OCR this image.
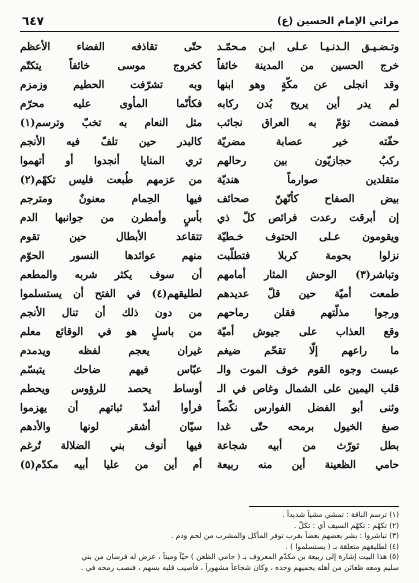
٦٤٧	مراثي الإمام الحسين (ع)
حتّى تقاذفه الفضاء الأعظم
كخروج موسى خائفاً يتكتّم
وبه تشرّفت الحطيم وزمزم
فكأنّما المأوى عليه محرّم
مثل النعام به تخبّ وترسم(١)
كالبدر حين تلفّ فيه الأنجم
تري المنايا أنجدوا أو أتهموا
من عزمهم طُبعت فليس تكهّم(٢)
فيها الحِمام معنونٌ ومترجم
بأسٍ وأمطرن من جوانبها الدم
تتقاعد الأبطال حين تقوم
منهم عوائدها النسور الحوّم
أن سوف يكثر شربه والمطعم
لطليقهم(٤) في الفتح أن يستسلموا
من دون ذلك أن تنال الأنجم
من باسلٍ هو في الوقائع معلم
غيران يعجم لفظه ويدمدم
عبّاس فيهم ضاحك يتبسّم
أوساط يحصد للرؤوس ويحطم
فرأوا أشدّ ثباتهم أن يهزموا
سيّان أشقر لونها والأدهم
فيها أنوف بني الضلالة تُرغم
أم أين من عليا أبيه مكدّم(٥)
وتـضـيـق الـدنـيـا عـلى ابـن مـحمّـد
خرج الحسين من المدينة خائفاً
وقد انجلى عن مكّةٍ وهو ابنها
لم يدر أين يريح بُدن ركابه
فمضت تؤمّ به العراق نجائب
حفّته خير عصابة مضريّة
ركبٌ حجازيّون بين رحالهم
متقلدين صوارماً هنديّة
بيض الصفاح كأنّهنّ صحائف
إن أبرقت رعدت فرائص كلّ ذي
ويقومون عـلى الحتوف خـطيّة
نزلوا بحومة كربلا فتطلّبت
وتباشر(٣) الوحش المثار أمامهم
طمعت أميّة حين قلّ عديدهم
ورجوا مذلّتهم فقلن رماحهم
وقع العذاب على جيوش أميّة
ما راعهم إلّا تقحّم ضيغم
عبست وجوه القوم خوف الموت والـ
قلب اليمين على الشمال وغاص في الـ
وثنى أبو الفضل الفوارس نكّصاً
صبغ الخيول برمحه حتّى غدا
بطل تورّث من أبيه شجاعة
حامي الظعينة أين منه ربيعة
(١) ترسم الناقة : تمشي مشياً شديداً .
(٢) تكهّم : تكهّم السيف أي : تكلّ .
(٣) تباشروا : بشر بعضهم بعضاً بقرب توفر المأكل والمشرب من لحم ودم .
(٤) لطليقهم متعلقة بـ ( يستسلموا ) .
(٥) هذا البيت إشارة إلى ربيعة بن مكدّم المعروف بـ ( حامي الظعن ) حيّاً وميتاً ، عرض له فرسان من بني
سليم ومعه ظعائن من أهله يحميهم وحده ، وكان شجاعاً مشهوراً ، فأصيب قلبه بسهم ، فنصب رمحه في .
